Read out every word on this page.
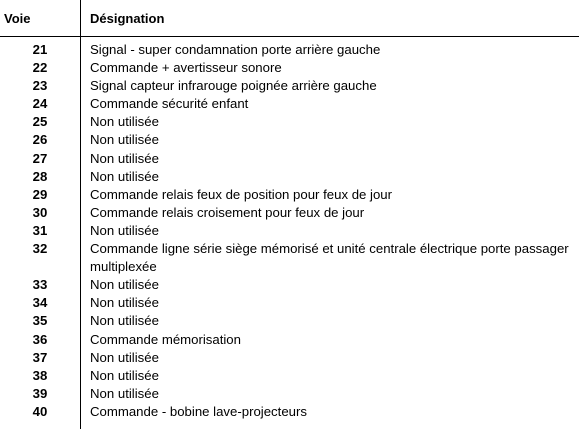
Voie	Désignation
21	Signal - super condamnation porte arrière gauche
22	Commande + avertisseur sonore
23	Signal capteur infrarouge poignée arrière gauche
24	Commande sécurité enfant
25	Non utilisée
26	Non utilisée
27	Non utilisée
28	Non utilisée
29	Commande relais feux de position pour feux de jour
30	Commande relais croisement pour feux de jour
31	Non utilisée
32	Commande ligne série siège mémorisé et unité centrale électrique porte passager multiplexée
33	Non utilisée
34	Non utilisée
35	Non utilisée
36	Commande mémorisation
37	Non utilisée
38	Non utilisée
39	Non utilisée
40	Commande - bobine lave-projecteurs
